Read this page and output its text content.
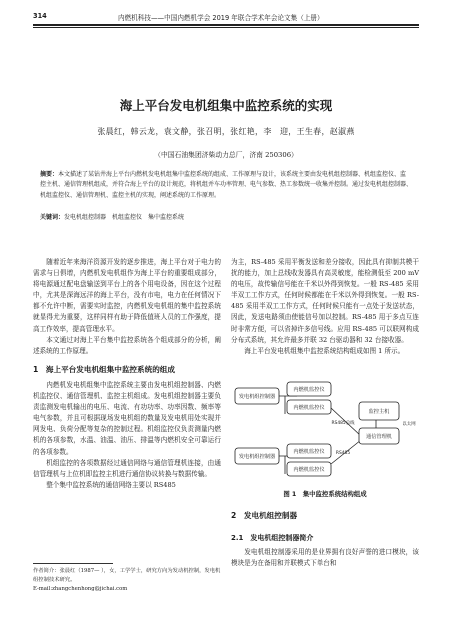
314	内燃机科技——中国内燃机学会 2019 年联合学术年会论文集（上册）
海上平台发电机组集中监控系统的实现
张晨红，韩云龙，袁文静，张召明，张红艳，李　迎，王生春，赵淑燕
（中国石油集团济柴动力总厂，济南 250306）
摘要：本文描述了某钻井海上平台内燃机发电机组集中监控系统的组成、工作原理与设计，该系统主要由发电机组控制器、机组监控仪、监控主机、通信管理机组成，并符合海上平台的设计规范，将机组并车功率管理、电气参数、热工参数统一收集并控制。通过发电机组控制器、机组监控仪、通信管理机、监控主机的实现，阐述系统的工作原理。
关键词：发电机组控制器　机组监控仪　集中监控系统
随着近年来海洋资源开发的逐步推进，海上平台对于电力的需求与日俱增，内燃机发电机组作为海上平台的重要组成部分，将电源通过配电盘输送到平台上的各个用电设备，因在这个过程中，尤其是深海远洋的海上平台，没有市电，电力在任何情况下都不允许中断，需要实时监控，内燃机发电机组的集中监控系统就显得尤为重要，这样同样有助于降低值班人员的工作强度，提高工作效率，提高管理水平。
本文通过对海上平台集中监控系统各个组成部分的分析，阐述系统的工作原理。
1　海上平台发电机组集中监控系统的组成
内燃机发电机组集中监控系统主要由发电机组控制器、内燃机监控仪、通信管理机、监控主机组成。发电机组控制器主要负责监测发电机输出的电压、电流、有功功率、功率因数、频率等电气参数，并且可根据现场发电机组的数量及发电机用处实现并网发电、负荷分配等复杂的控制过程。机组监控仪负责测量内燃机的各项参数，水温、油温、油压、排温等内燃机安全可靠运行的各项参数。
机组监控的各项数据经过通信网络与通信管理机连接，由通信管理机与上位机即监控主机进行通信协议转换与数据传输。
整个集中监控系统的通信网络主要以 RS485
作者简介：张晨红（1987— ），女，工学学士，研究方向为发动机控制，发电机组控制技术研究。
E-mail:zhangchenhong@jichai.com
为主，RS-485 采用平衡发送和差分接收，因此具有抑制共模干扰的能力，加上总线收发器具有高灵敏度，能检测低至 200 mV 的电压，故传输信号能在千米以外得到恢复。一般 RS-485 采用半双工工作方式，任何时候都能在千米以外得到恢复。一般 RS-485 采用半双工工作方式，任何时候只能有一点处于发送状态，因此，发送电路须由使能信号加以控制。RS-485 用于多点互连时非常方便，可以省掉许多信号线。应用 RS-485 可以联网构成分布式系统，其允许最多并联 32 台驱动器和 32 台接收器。
海上平台发电机组集中监控系统结构组成如图 1 所示。
发电机组控制器
内燃机监控仪
内燃机监控仪
发电机组控制器
内燃机监控仪
内燃机监控仪
通信管理机
监控主机
RS485总线
RS485
以太网
图 1　集中监控系统结构组成
2　发电机组控制器
2.1　发电机组控制器简介
发电机组控制器采用的是业界拥有良好声誉的进口模块，该模块是为在备用和并联模式下单台和
